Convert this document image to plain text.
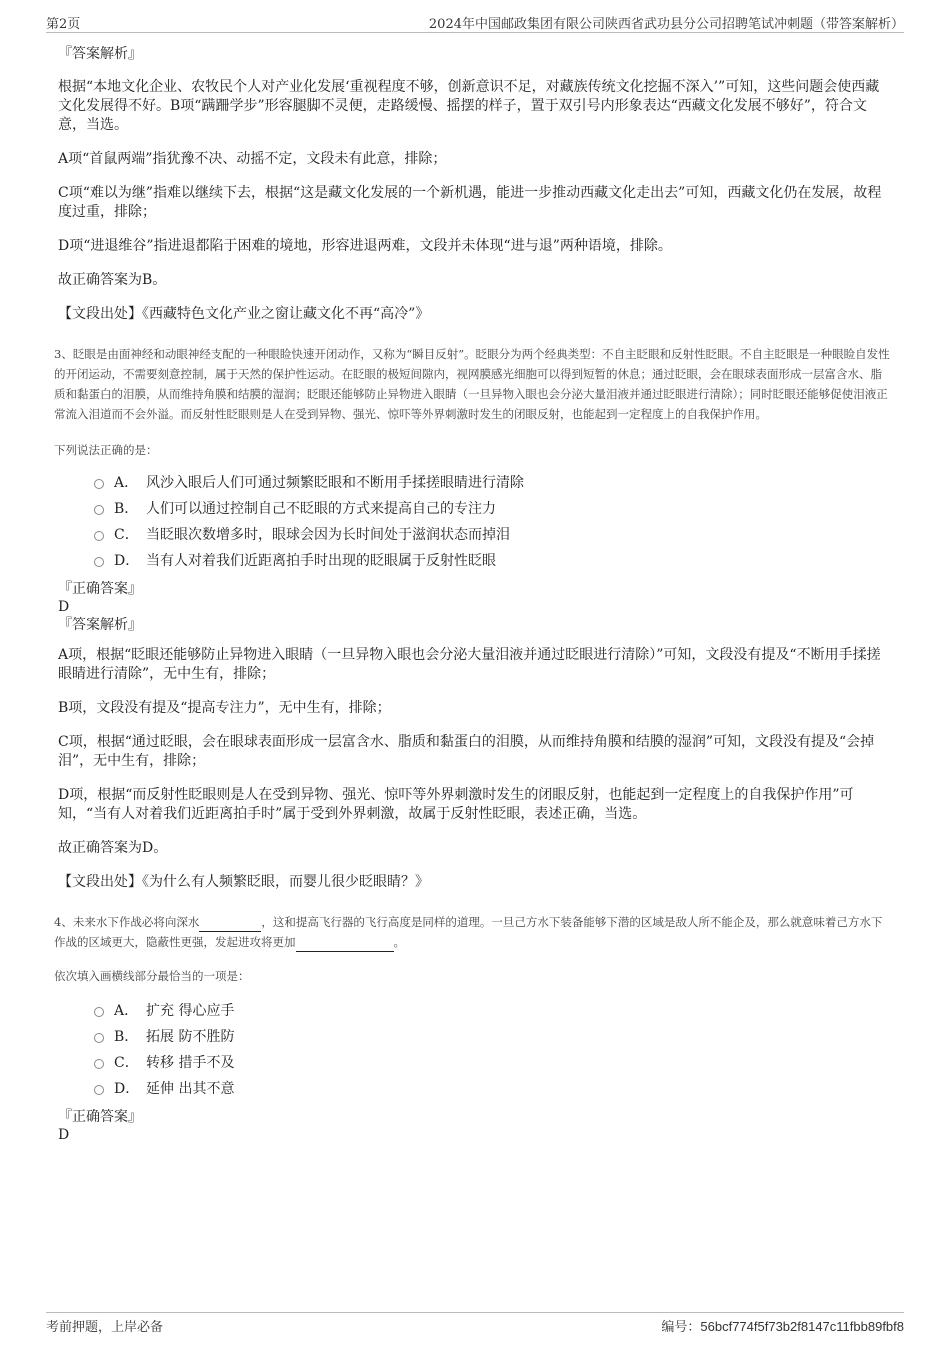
第2页	2024年中国邮政集团有限公司陕西省武功县分公司招聘笔试冲刺题（带答案解析）
『答案解析』

根据“本地文化企业、农牧民个人对产业化发展‘重视程度不够，创新意识不足，对藏族传统文化挖掘不深入’”可知，这些问题会使西藏文化发展得不好。B项“蹒跚学步”形容腿脚不灵便，走路缓慢、摇摆的样子，置于双引号内形象表达“西藏文化发展不够好”，符合文意，当选。

A项“首鼠两端”指犹豫不决、动摇不定，文段未有此意，排除；

C项“难以为继”指难以继续下去，根据“这是藏文化发展的一个新机遇，能进一步推动西藏文化走出去”可知，西藏文化仍在发展，故程度过重，排除；

D项“进退维谷”指进退都陷于困难的境地，形容进退两难，文段并未体现“进与退”两种语境，排除。

故正确答案为B。

【文段出处】《西藏特色文化产业之窗让藏文化不再“高冷”》

3、眨眼是由面神经和动眼神经支配的一种眼睑快速开闭动作，又称为“瞬目反射”。眨眼分为两个经典类型：不自主眨眼和反射性眨眼。不自主眨眼是一种眼睑自发性的开闭运动，不需要刻意控制，属于天然的保护性运动。在眨眼的极短间隙内，视网膜感光细胞可以得到短暂的休息；通过眨眼，会在眼球表面形成一层富含水、脂质和黏蛋白的泪膜，从而维持角膜和结膜的湿润；眨眼还能够防止异物进入眼睛（一旦异物入眼也会分泌大量泪液并通过眨眼进行清除）；同时眨眼还能够促使泪液正常流入泪道而不会外溢。而反射性眨眼则是人在受到异物、强光、惊吓等外界刺激时发生的闭眼反射，也能起到一定程度上的自我保护作用。

下列说法正确的是：

A． 风沙入眼后人们可通过频繁眨眼和不断用手揉搓眼睛进行清除
B． 人们可以通过控制自己不眨眼的方式来提高自己的专注力
C． 当眨眼次数增多时，眼球会因为长时间处于滋润状态而掉泪
D． 当有人对着我们近距离拍手时出现的眨眼属于反射性眨眼

『正确答案』

D

『答案解析』

A项，根据“眨眼还能够防止异物进入眼睛（一旦异物入眼也会分泌大量泪液并通过眨眼进行清除）”可知，文段没有提及“不断用手揉搓眼睛进行清除”，无中生有，排除；

B项，文段没有提及“提高专注力”，无中生有，排除；

C项，根据“通过眨眼，会在眼球表面形成一层富含水、脂质和黏蛋白的泪膜，从而维持角膜和结膜的湿润”可知，文段没有提及“会掉泪”，无中生有，排除；

D项，根据“而反射性眨眼则是人在受到异物、强光、惊吓等外界刺激时发生的闭眼反射，也能起到一定程度上的自我保护作用”可知，“当有人对着我们近距离拍手时”属于受到外界刺激，故属于反射性眨眼，表述正确，当选。

故正确答案为D。

【文段出处】《为什么有人频繁眨眼，而婴儿很少眨眼睛？》

4、未来水下作战必将向深水	，这和提高飞行器的飞行高度是同样的道理。一旦己方水下装备能够下潜的区域是敌人所不能企及，那么就意味着己方水下作战的区域更大，隐蔽性更强，发起进攻将更加	。

依次填入画横线部分最恰当的一项是：

A． 扩充 得心应手
B． 拓展 防不胜防
C． 转移 措手不及
D． 延伸 出其不意

『正确答案』

D

考前押题，上岸必备	编号：56bcf774f5f73b2f8147c11fbb89fbf8
